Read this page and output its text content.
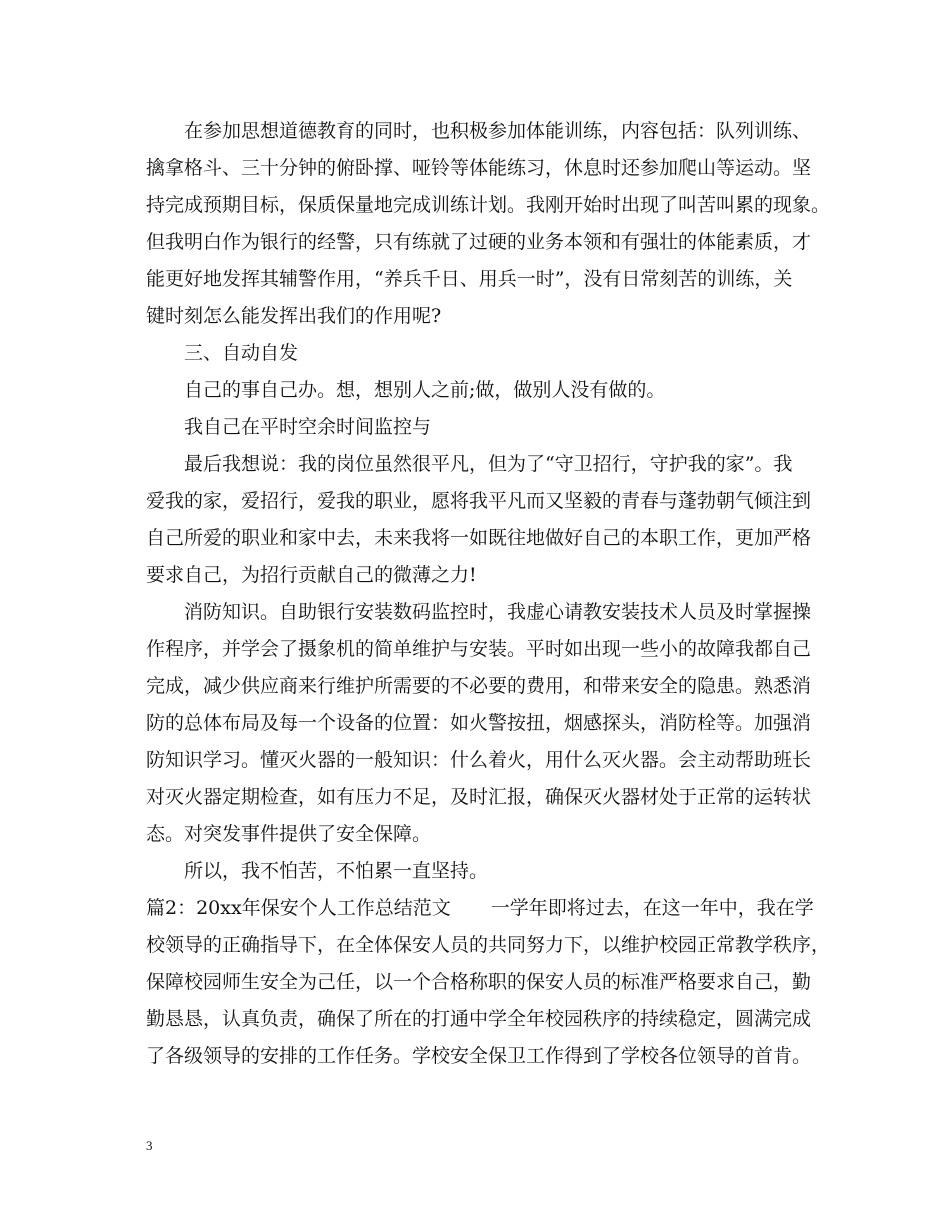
在参加思想道德教育的同时，也积极参加体能训练，内容包括：队列训练、
擒拿格斗、三十分钟的俯卧撑、哑铃等体能练习，休息时还参加爬山等运动。坚
持完成预期目标，保质保量地完成训练计划。我刚开始时出现了叫苦叫累的现象。
但我明白作为银行的经警，只有练就了过硬的业务本领和有强壮的体能素质，才
能更好地发挥其辅警作用，“养兵千日、用兵一时”，没有日常刻苦的训练，关
键时刻怎么能发挥出我们的作用呢?
三、自动自发
自己的事自己办。想，想别人之前;做，做别人没有做的。
我自己在平时空余时间监控与
最后我想说：我的岗位虽然很平凡，但为了“守卫招行，守护我的家”。我
爱我的家，爱招行，爱我的职业，愿将我平凡而又坚毅的青春与蓬勃朝气倾注到
自己所爱的职业和家中去，未来我将一如既往地做好自己的本职工作，更加严格
要求自己，为招行贡献自己的微薄之力!
消防知识。自助银行安装数码监控时，我虚心请教安装技术人员及时掌握操
作程序，并学会了摄象机的简单维护与安装。平时如出现一些小的故障我都自己
完成，减少供应商来行维护所需要的不必要的费用，和带来安全的隐患。熟悉消
防的总体布局及每一个设备的位置：如火警按扭，烟感探头，消防栓等。加强消
防知识学习。懂灭火器的一般知识：什么着火，用什么灭火器。会主动帮助班长
对灭火器定期检查，如有压力不足，及时汇报，确保灭火器材处于正常的运转状
态。对突发事件提供了安全保障。
所以，我不怕苦，不怕累一直坚持。
篇2：20xx年保安个人工作总结范文 一学年即将过去，在这一年中，我在学
校领导的正确指导下，在全体保安人员的共同努力下，以维护校园正常教学秩序，
保障校园师生安全为己任，以一个合格称职的保安人员的标准严格要求自己，勤
勤恳恳，认真负责，确保了所在的打通中学全年校园秩序的持续稳定，圆满完成
了各级领导的安排的工作任务。学校安全保卫工作得到了学校各位领导的首肯。
3
